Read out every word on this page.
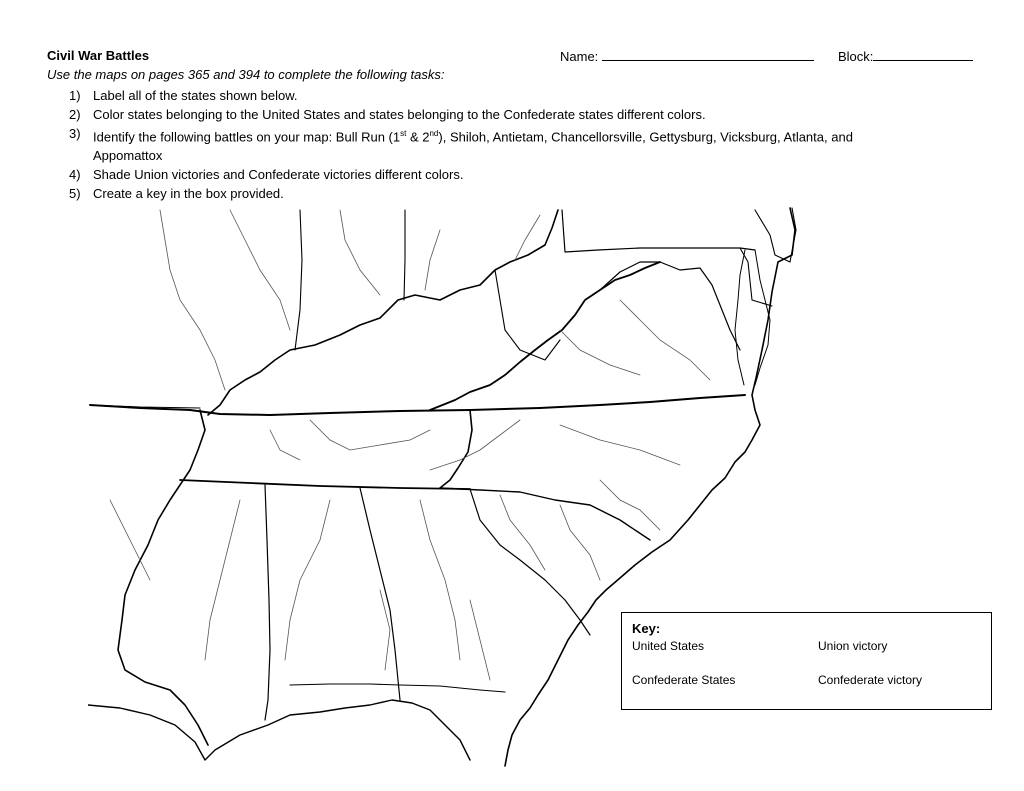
Civil War Battles	Name:	Block:
Use the maps on pages 365 and 394 to complete the following tasks:
1) Label all of the states shown below.
2) Color states belonging to the United States and states belonging to the Confederate states different colors.
3) Identify the following battles on your map: Bull Run (1st & 2nd), Shiloh, Antietam, Chancellorsville, Gettysburg, Vicksburg, Atlanta, and
Appomattox
4) Shade Union victories and Confederate victories different colors.
5) Create a key in the box provided.
Key:
United States	Union victory
Confederate States	Confederate victory
